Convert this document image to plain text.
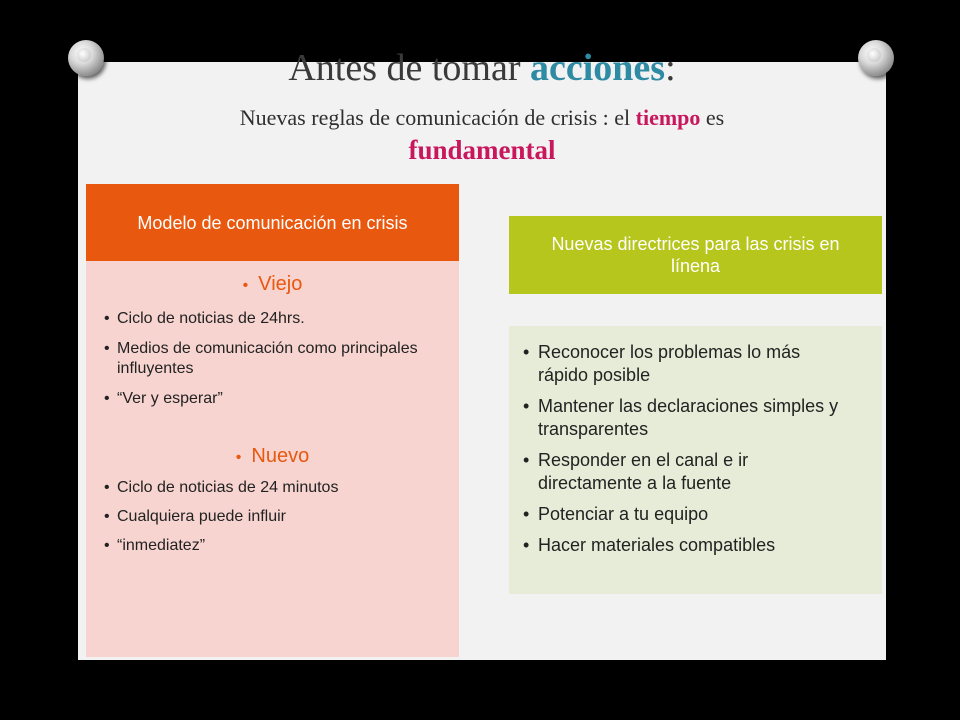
Antes de tomar acciones:
Nuevas reglas de comunicación de crisis : el tiempo es
fundamental
Modelo de comunicación en crisis
• Viejo
• Ciclo de noticias de 24hrs.
• Medios de comunicación como principales influyentes
• “Ver y esperar”
• Nuevo
• Ciclo de noticias de 24 minutos
• Cualquiera puede influir
• “inmediatez”
Nuevas directrices para las crisis en línena
• Reconocer los problemas lo más rápido posible
• Mantener las declaraciones simples y transparentes
• Responder en el canal e ir directamente a la fuente
• Potenciar a tu equipo
• Hacer materiales compatibles
